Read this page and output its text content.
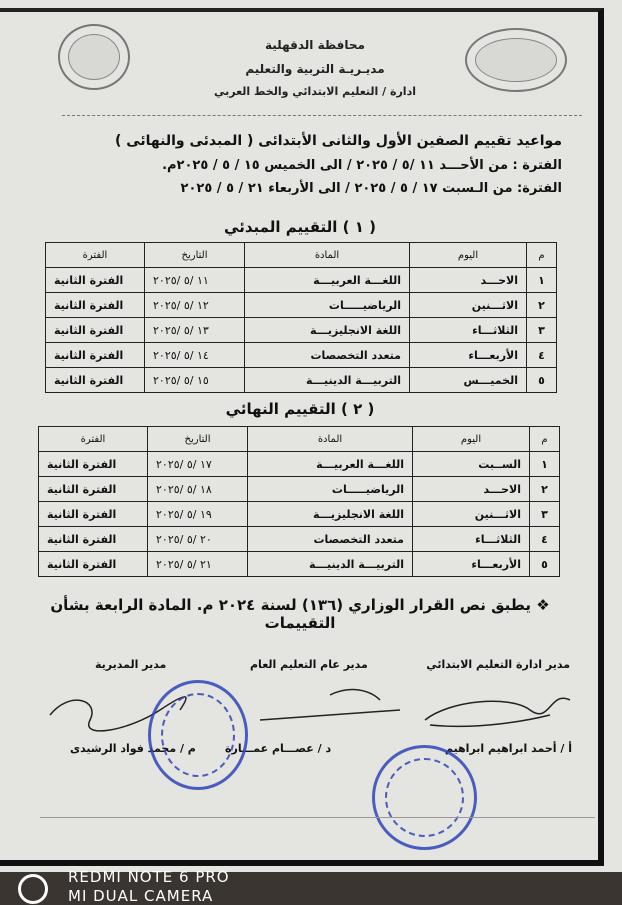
محافظة الدقهلية
مديـريـة التربية والتعليم
ادارة / التعليم الابتدائي والخط العربي
مواعيد تقييم الصفين الأول والثانى الأبتدائى ( المبدئى والنهائى )
الفترة : من الأحـــد ١١ /٥ / ٢٠٢٥ / الى الخميس ١٥ / ٥ / ٢٠٢٥م.
الفترة: من الـسبت ١٧ / ٥ / ٢٠٢٥ / الى الأربعاء ٢١ / ٥ / ٢٠٢٥
( ١ ) التقييم المبدئي
م	اليوم	المادة	التاريخ	الفترة
١	الاحـــد	اللغـــة العربيـــة	١١ /٥ /٢٠٢٥	الفترة الثانية
٢	الاثـــنين	الرياضيـــــات	١٢ /٥ /٢٠٢٥	الفترة الثانية
٣	الثلاثـــاء	اللغة الانجليزيـــة	١٣ /٥ /٢٠٢٥	الفترة الثانية
٤	الأربعـــاء	متعدد التخصصات	١٤ /٥ /٢٠٢٥	الفترة الثانية
٥	الخميـــس	التربيـــة الدينيـــة	١٥ /٥ /٢٠٢٥	الفترة الثانية
( ٢ ) التقييم النهائي
م	اليوم	المادة	التاريخ	الفترة
١	الســبت	اللغـــة العربيـــة	١٧ /٥ /٢٠٢٥	الفترة الثانية
٢	الاحـــد	الرياضيـــــات	١٨ /٥ /٢٠٢٥	الفترة الثانية
٣	الاثـــنين	اللغة الانجليزيـــة	١٩ /٥ /٢٠٢٥	الفترة الثانية
٤	الثلاثـــاء	متعدد التخصصات	٢٠ /٥ /٢٠٢٥	الفترة الثانية
٥	الأربعـــاء	التربيـــة الدينيـــة	٢١ /٥ /٢٠٢٥	الفترة الثانية
❖ يطبق نص القرار الوزاري (١٣٦) لسنة ٢٠٢٤ م. المادة الرابعة بشأن التقييمات
مدير ادارة التعليم الابتدائي
مدير عام التعليم العام
مدير المديرية
أ / أحمد ابراهيم ابراهيم
د / عصـــام عمـــارة
م / محمد فواد الرشيدى
REDMI NOTE 6 PRO
MI DUAL CAMERA
